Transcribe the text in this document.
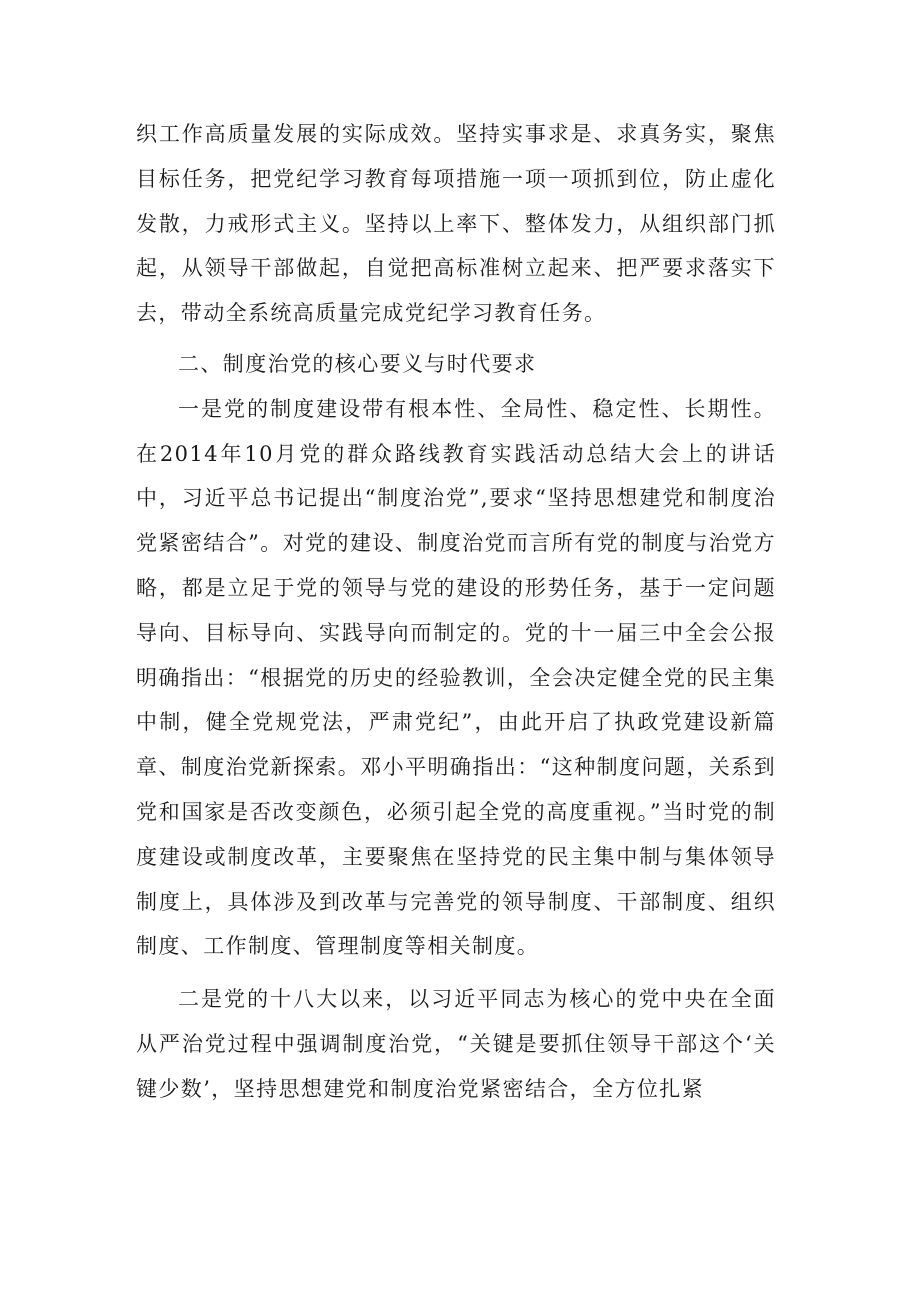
织工作高质量发展的实际成效。坚持实事求是、求真务实，聚焦目标任务，把党纪学习教育每项措施一项一项抓到位，防止虚化发散，力戒形式主义。坚持以上率下、整体发力，从组织部门抓起，从领导干部做起，自觉把高标准树立起来、把严要求落实下去，带动全系统高质量完成党纪学习教育任务。

二、制度治党的核心要义与时代要求

一是党的制度建设带有根本性、全局性、稳定性、长期性。在2014年10月党的群众路线教育实践活动总结大会上的讲话中，习近平总书记提出“制度治党”,要求“坚持思想建党和制度治党紧密结合”。对党的建设、制度治党而言所有党的制度与治党方略，都是立足于党的领导与党的建设的形势任务，基于一定问题导向、目标导向、实践导向而制定的。党的十一届三中全会公报明确指出：“根据党的历史的经验教训，全会决定健全党的民主集中制，健全党规党法，严肃党纪”，由此开启了执政党建设新篇章、制度治党新探索。邓小平明确指出：“这种制度问题，关系到党和国家是否改变颜色，必须引起全党的高度重视。”当时党的制度建设或制度改革，主要聚焦在坚持党的民主集中制与集体领导制度上，具体涉及到改革与完善党的领导制度、干部制度、组织制度、工作制度、管理制度等相关制度。

二是党的十八大以来，以习近平同志为核心的党中央在全面从严治党过程中强调制度治党，“关键是要抓住领导干部这个‘关键少数’，坚持思想建党和制度治党紧密结合，全方位扎紧
